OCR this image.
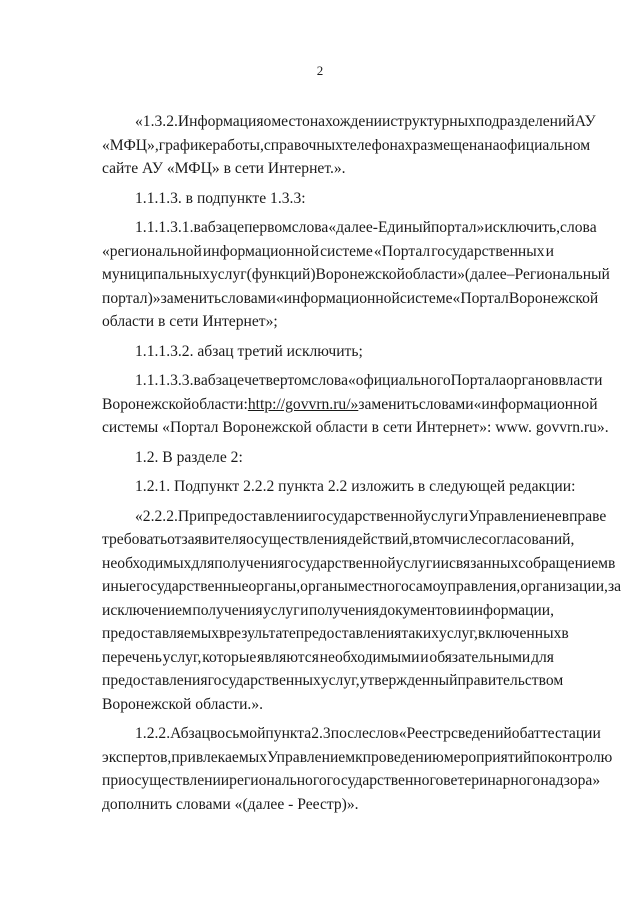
2
«1.3.2. Информация о местонахождении структурных подразделений АУ
«МФЦ», графике работы, справочных телефонах размещена на официальном
сайте АУ «МФЦ» в сети Интернет.».
1.1.1.3. в подпункте 1.3.3:
1.1.1.3.1. в абзаце первом слова «далее - Единый портал» исключить, слова
«региональной информационной системе «Портал государственных и
муниципальных услуг (функций) Воронежской области» (далее – Региональный
портал)» заменить словами «информационной системе «Портал Воронежской
области в сети Интернет»;
1.1.1.3.2. абзац третий исключить;
1.1.1.3.3. в абзаце четвертом слова «официального Портала органов власти
Воронежской области: http://govvrn.ru/» заменить словами «информационной
системы «Портал Воронежской области в сети Интернет»: www. govvrn.ru».
1.2. В разделе 2:
1.2.1. Подпункт 2.2.2 пункта 2.2 изложить в следующей редакции:
«2.2.2. При предоставлении государственной услуги Управление не вправе
требовать от заявителя осуществления действий, в том числе согласований,
необходимых для получения государственной услуги и связанных с обращением в
иные государственные органы, органы местного самоуправления, организации, за
исключением получения услуг и получения документов и информации,
предоставляемых в результате предоставления таких услуг, включенных в
перечень услуг, которые являются необходимыми и обязательными для
предоставления государственных услуг, утвержденный правительством
Воронежской области.».
1.2.2. Абзац восьмой пункта 2.3 после слов «Реестр сведений об аттестации
экспертов, привлекаемых Управлением к проведению мероприятий по контролю
при осуществлении регионального государственного ветеринарного надзора»
дополнить словами «(далее - Реестр)».
